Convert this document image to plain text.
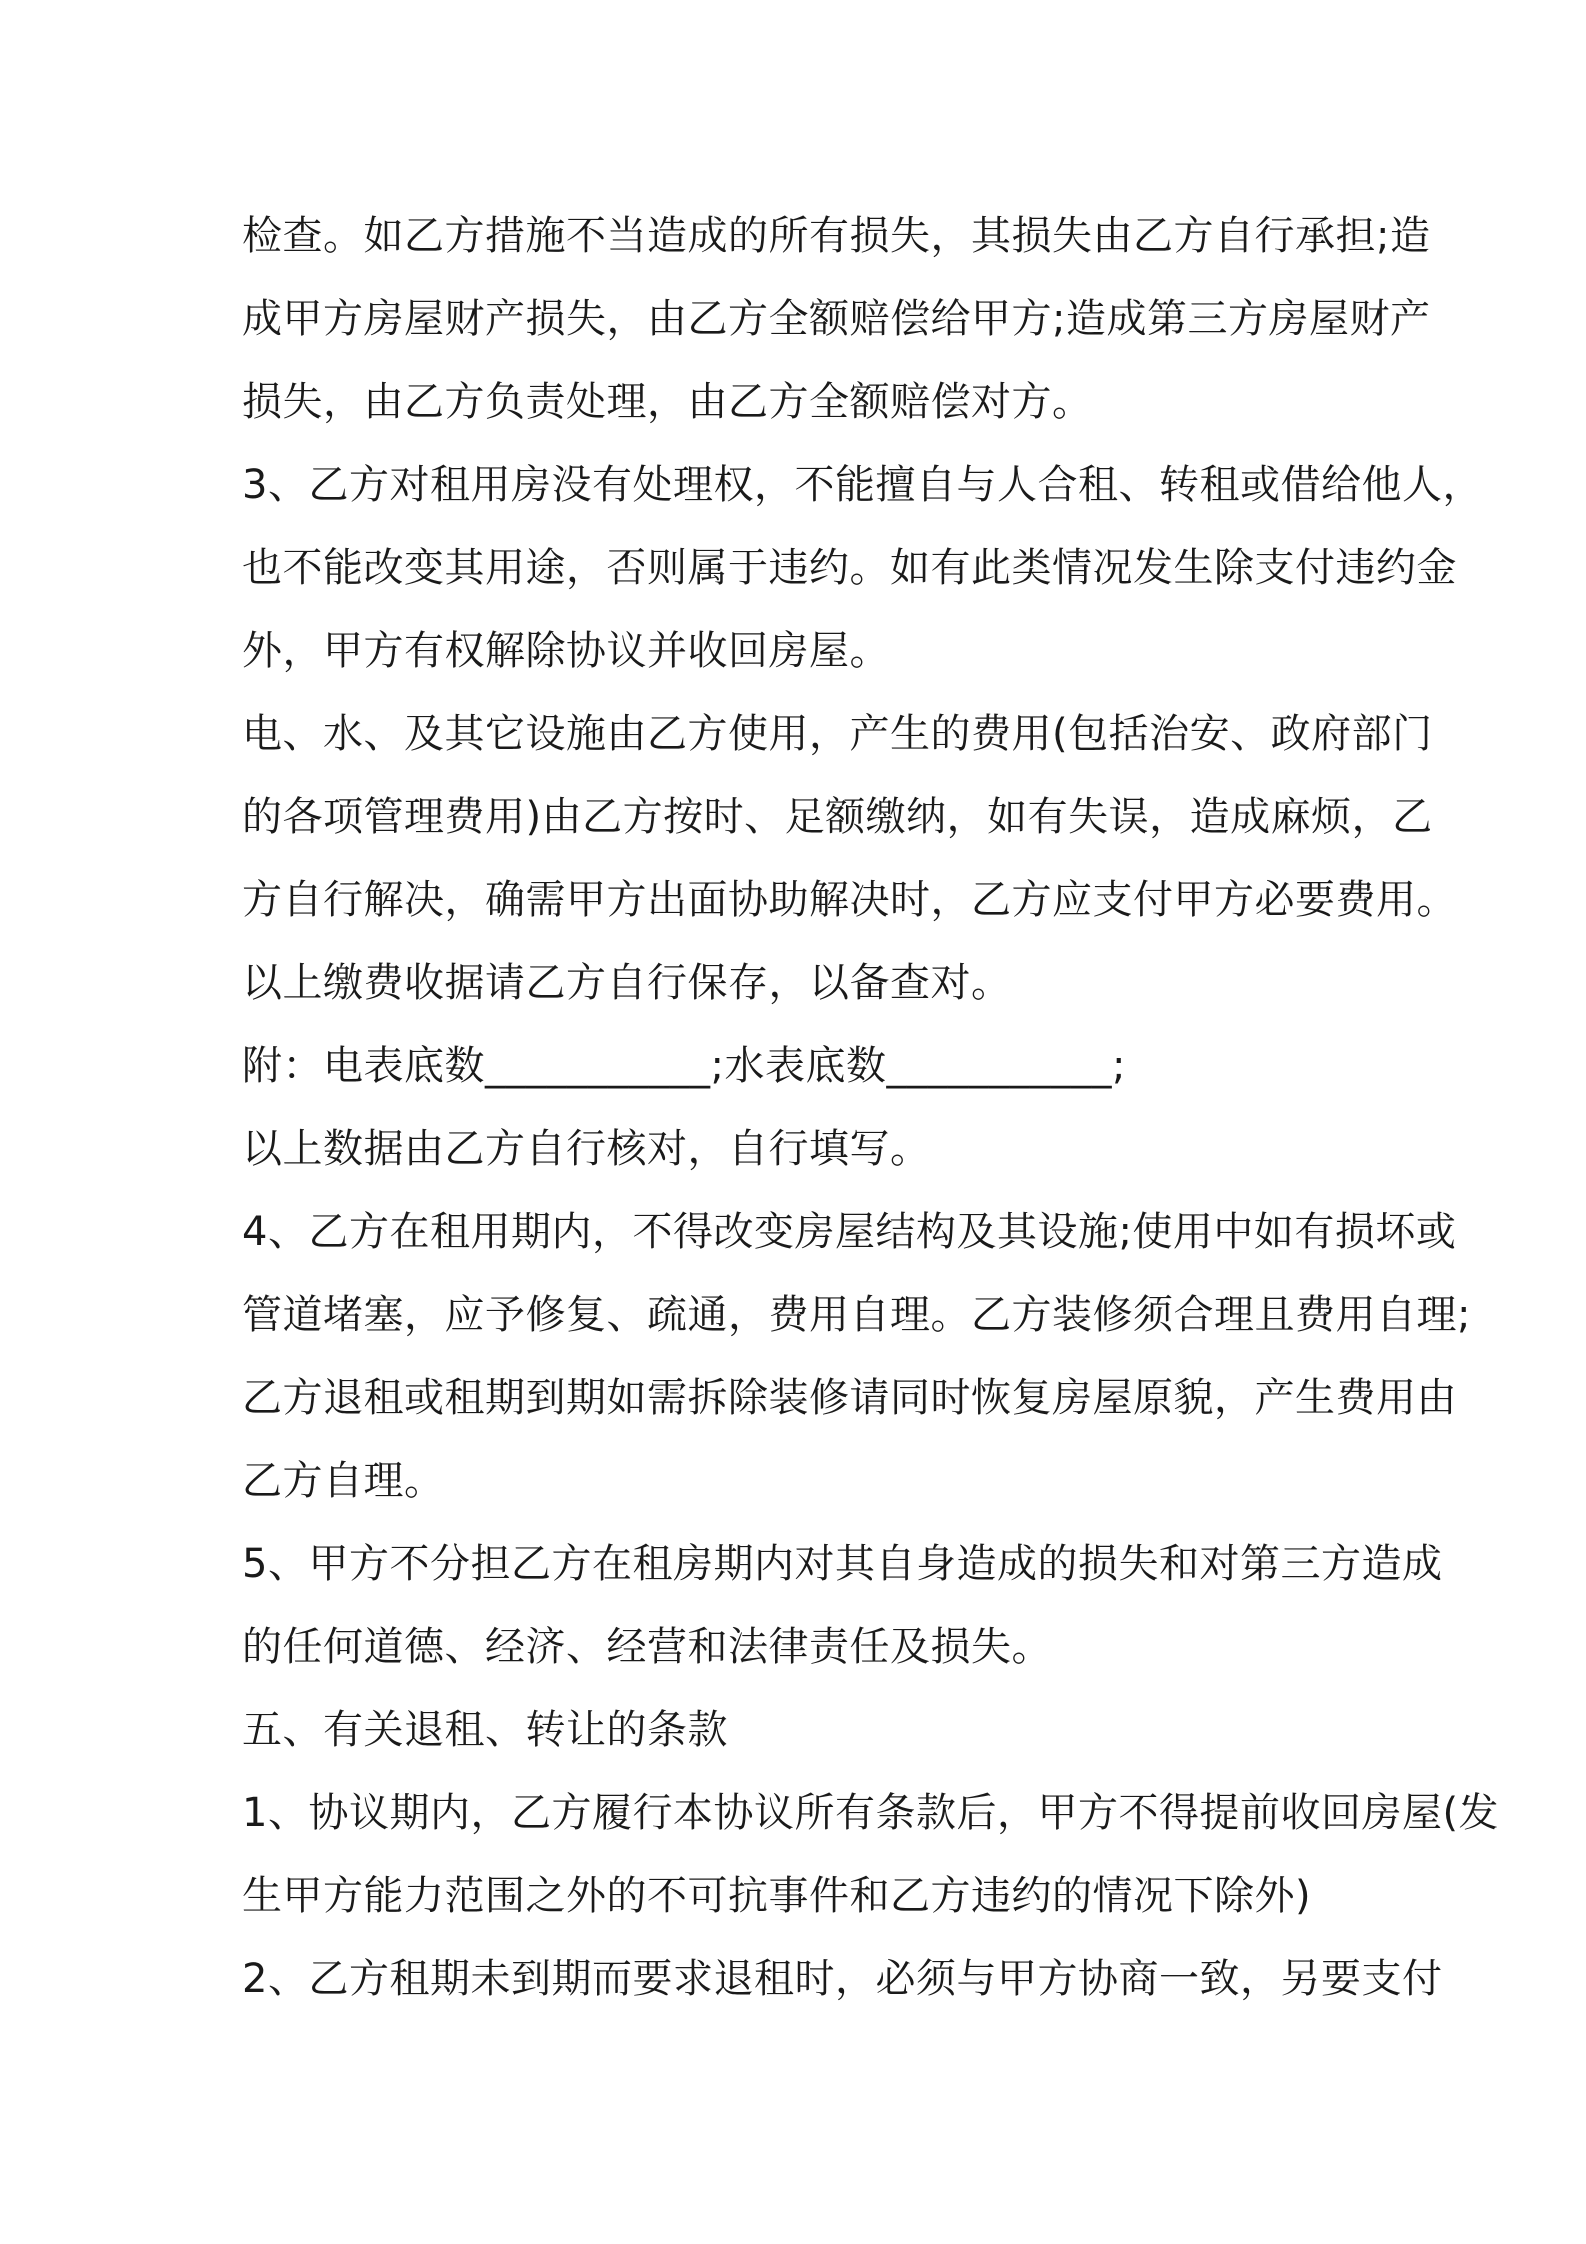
检查。如乙方措施不当造成的所有损失，其损失由乙方自行承担;造
成甲方房屋财产损失，由乙方全额赔偿给甲方;造成第三方房屋财产
损失，由乙方负责处理，由乙方全额赔偿对方。
3、乙方对租用房没有处理权，不能擅自与人合租、转租或借给他人，
也不能改变其用途，否则属于违约。如有此类情况发生除支付违约金
外，甲方有权解除协议并收回房屋。
电、水、及其它设施由乙方使用，产生的费用(包括治安、政府部门
的各项管理费用)由乙方按时、足额缴纳，如有失误，造成麻烦，乙
方自行解决，确需甲方出面协助解决时，乙方应支付甲方必要费用。
以上缴费收据请乙方自行保存，以备查对。
附：电表底数___________;水表底数___________;
以上数据由乙方自行核对，自行填写。
4、乙方在租用期内，不得改变房屋结构及其设施;使用中如有损坏或
管道堵塞，应予修复、疏通，费用自理。乙方装修须合理且费用自理;
乙方退租或租期到期如需拆除装修请同时恢复房屋原貌，产生费用由
乙方自理。
5、甲方不分担乙方在租房期内对其自身造成的损失和对第三方造成
的任何道德、经济、经营和法律责任及损失。
五、有关退租、转让的条款
1、协议期内，乙方履行本协议所有条款后，甲方不得提前收回房屋(发
生甲方能力范围之外的不可抗事件和乙方违约的情况下除外)
2、乙方租期未到期而要求退租时，必须与甲方协商一致，另要支付
